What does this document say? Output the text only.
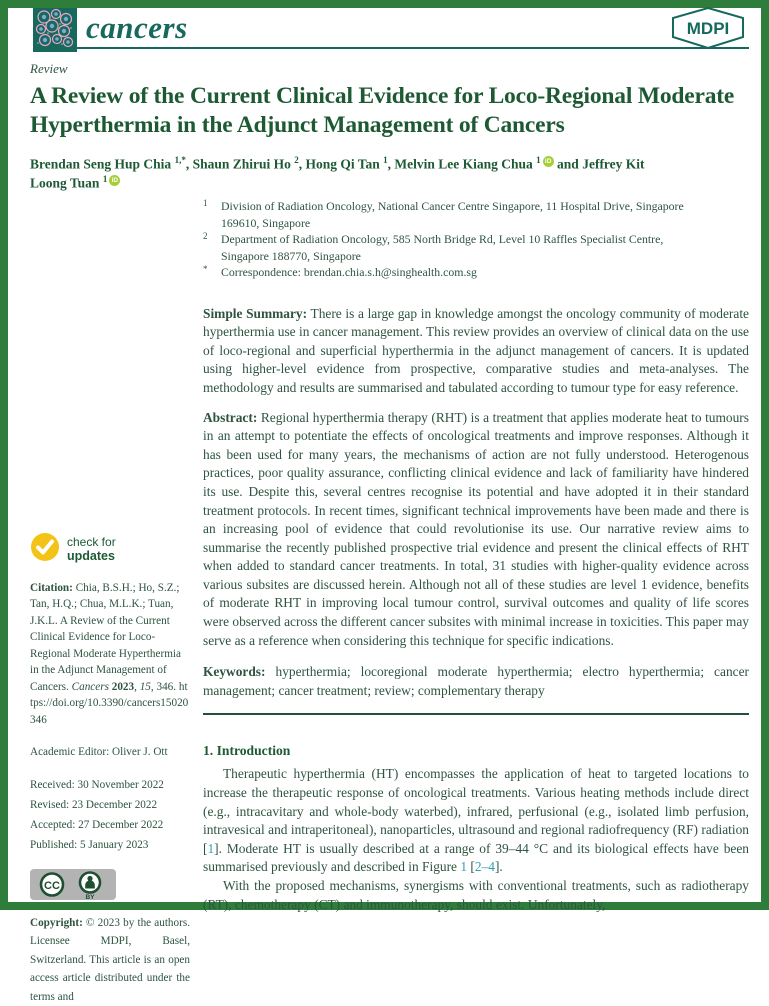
cancers	MDPI
Review
A Review of the Current Clinical Evidence for Loco-Regional Moderate Hyperthermia in the Adjunct Management of Cancers
Brendan Seng Hup Chia $^{1,*}$, Shaun Zhirui Ho $^2$, Hong Qi Tan $^1$, Melvin Lee Kiang Chua $^1$ iD and Jeffrey Kit Loong Tuan $^1$ iD
1	Division of Radiation Oncology, National Cancer Centre Singapore, 11 Hospital Drive, Singapore 169610, Singapore
2	Department of Radiation Oncology, 585 North Bridge Rd, Level 10 Raffles Specialist Centre, Singapore 188770, Singapore
*	Correspondence: brendan.chia.s.h@singhealth.com.sg

Simple Summary: There is a large gap in knowledge amongst the oncology community of moderate hyperthermia use in cancer management. This review provides an overview of clinical data on the use of loco-regional and superficial hyperthermia in the adjunct management of cancers. It is updated using higher-level evidence from prospective, comparative studies and meta-analyses. The methodology and results are summarised and tabulated according to tumour type for easy reference.

Abstract: Regional hyperthermia therapy (RHT) is a treatment that applies moderate heat to tumours in an attempt to potentiate the effects of oncological treatments and improve responses. Although it has been used for many years, the mechanisms of action are not fully understood. Heterogenous practices, poor quality assurance, conflicting clinical evidence and lack of familiarity have hindered its use. Despite this, several centres recognise its potential and have adopted it in their standard treatment protocols. In recent times, significant technical improvements have been made and there is an increasing pool of evidence that could revolutionise its use. Our narrative review aims to summarise the recently published prospective trial evidence and present the clinical effects of RHT when added to standard cancer treatments. In total, 31 studies with higher-quality evidence across various subsites are discussed herein. Although not all of these studies are level 1 evidence, benefits of moderate RHT in improving local tumour control, survival outcomes and quality of life scores were observed across the different cancer subsites with minimal increase in toxicities. This paper may serve as a reference when considering this technique for specific indications.

Keywords: hyperthermia; locoregional moderate hyperthermia; electro hyperthermia; cancer management; cancer treatment; review; complementary therapy

1. Introduction

Therapeutic hyperthermia (HT) encompasses the application of heat to targeted locations to increase the therapeutic response of oncological treatments. Various heating methods include direct (e.g., intracavitary and whole-body waterbed), infrared, perfusional (e.g., isolated limb perfusion, intravesical and intraperitoneal), nanoparticles, ultrasound and regional radiofrequency (RF) radiation [1]. Moderate HT is usually described at a range of 39–44 °C and its biological effects have been summarised previously and described in Figure 1 [2–4].

With the proposed mechanisms, synergisms with conventional treatments, such as radiotherapy (RT), chemotherapy (CT) and immunotherapy, should exist. Unfortunately,

check for
updates

Citation: Chia, B.S.H.; Ho, S.Z.; Tan, H.Q.; Chua, M.L.K.; Tuan, J.K.L. A Review of the Current Clinical Evidence for Loco-Regional Moderate Hyperthermia in the Adjunct Management of Cancers. Cancers 2023, 15, 346. https://doi.org/10.3390/cancers15020346

Academic Editor: Oliver J. Ott

Received: 30 November 2022
Revised: 23 December 2022
Accepted: 27 December 2022
Published: 5 January 2023
CC
BY

Copyright: © 2023 by the authors. Licensee MDPI, Basel, Switzerland. This article is an open access article distributed under the terms and
